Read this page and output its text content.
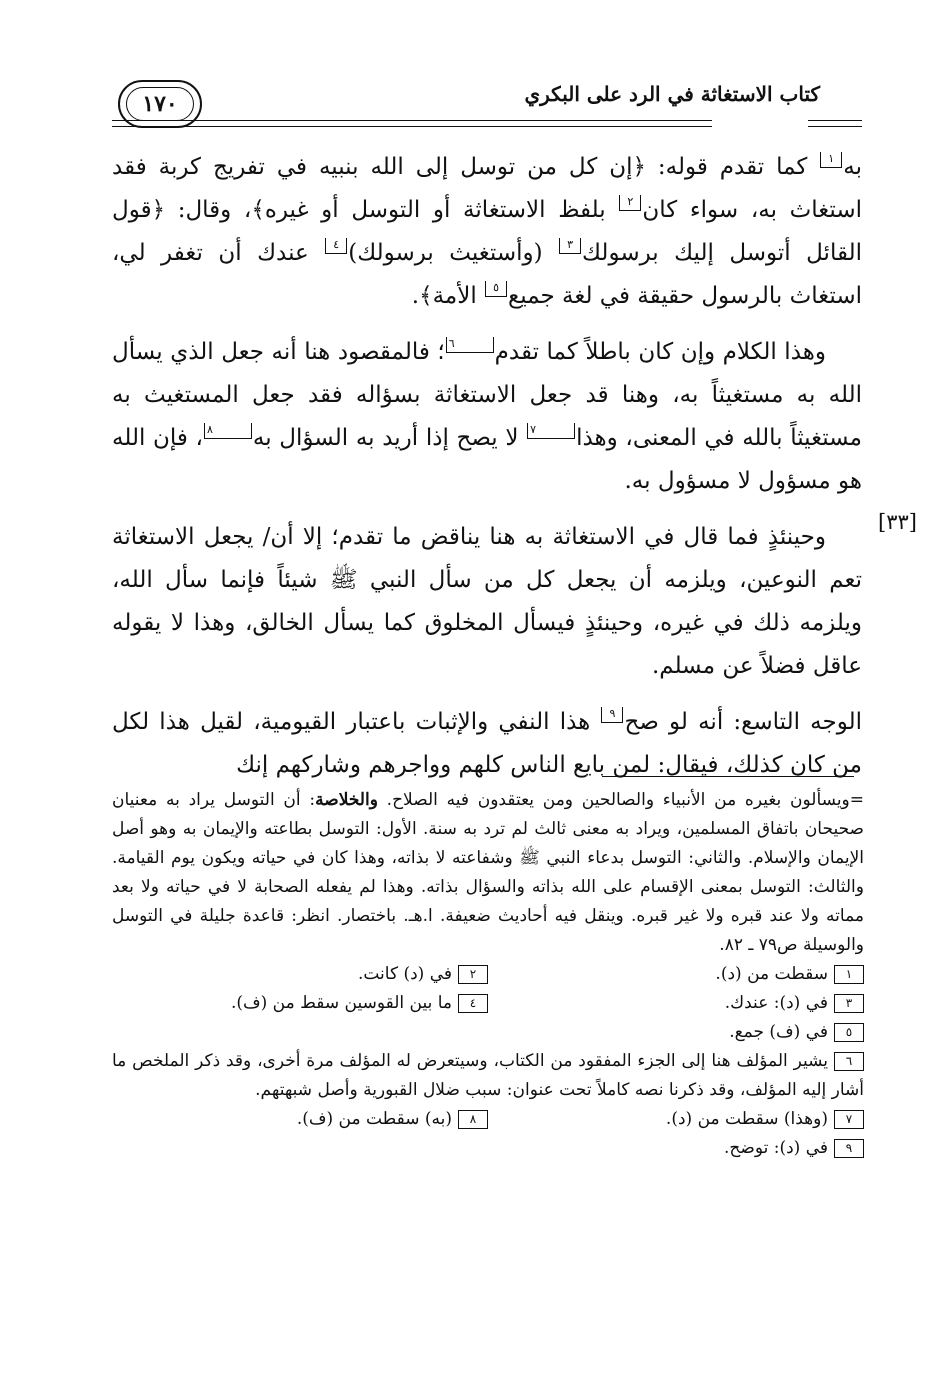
١٧٠	كتاب الاستغاثة في الرد على البكري
[٣٣]

به١ كما تقدم قوله: ﴿إن كل من توسل إلى الله بنبيه في تفريج كربة فقد استغاث به، سواء كان٢ بلفظ الاستغاثة أو التوسل أو غيره﴾، وقال: ﴿قول القائل أتوسل إليك برسولك٣ (وأستغيث برسولك)٤ عندك أن تغفر لي، استغاث بالرسول حقيقة في لغة جميع٥ الأمة﴾.

وهذا الكلام وإن كان باطلاً كما تقدم٦؛ فالمقصود هنا أنه جعل الذي يسأل الله به مستغيثاً به، وهنا قد جعل الاستغاثة بسؤاله فقد جعل المستغيث به مستغيثاً بالله في المعنى، وهذا٧ لا يصح إذا أريد به السؤال به٨، فإن الله هو مسؤول لا مسؤول به.

وحينئذٍ فما قال في الاستغاثة به هنا يناقض ما تقدم؛ إلا أن/ يجعل الاستغاثة تعم النوعين، ويلزمه أن يجعل كل من سأل النبي ﷺ شيئاً فإنما سأل الله، ويلزمه ذلك في غيره، وحينئذٍ فيسأل المخلوق كما يسأل الخالق، وهذا لا يقوله عاقل فضلاً عن مسلم.

الوجه التاسع: أنه لو صح٩ هذا النفي والإثبات باعتبار القيومية، لقيل هذا لكل من كان كذلك، فيقال: لمن بايع الناس كلهم وواجرهم وشاركهم إنك

=ويسألون بغيره من الأنبياء والصالحين ومن يعتقدون فيه الصلاح. والخلاصة: أن التوسل يراد به معنيان صحيحان باتفاق المسلمين، ويراد به معنى ثالث لم ترد به سنة. الأول: التوسل بطاعته والإيمان به وهو أصل الإيمان والإسلام. والثاني: التوسل بدعاء النبي ﷺ وشفاعته لا بذاته، وهذا كان في حياته ويكون يوم القيامة. والثالث: التوسل بمعنى الإقسام على الله بذاته والسؤال بذاته. وهذا لم يفعله الصحابة لا في حياته ولا بعد مماته ولا عند قبره ولا غير قبره. وينقل فيه أحاديث ضعيفة. ا.هـ. باختصار. انظر: قاعدة جليلة في التوسل والوسيلة ص٧٩ ـ ٨٢.

١سقطت من (د).
٢في (د) كانت.
٣في (د): عندك.
٤ما بين القوسين سقط من (ف).

٥في (ف) جمع.

٦يشير المؤلف هنا إلى الجزء المفقود من الكتاب، وسيتعرض له المؤلف مرة أخرى، وقد ذكر الملخص ما أشار إليه المؤلف، وقد ذكرنا نصه كاملاً تحت عنوان: سبب ضلال القبورية وأصل شبهتهم.

٧(وهذا) سقطت من (د).
٨(به) سقطت من (ف).

٩في (د): توضح.
